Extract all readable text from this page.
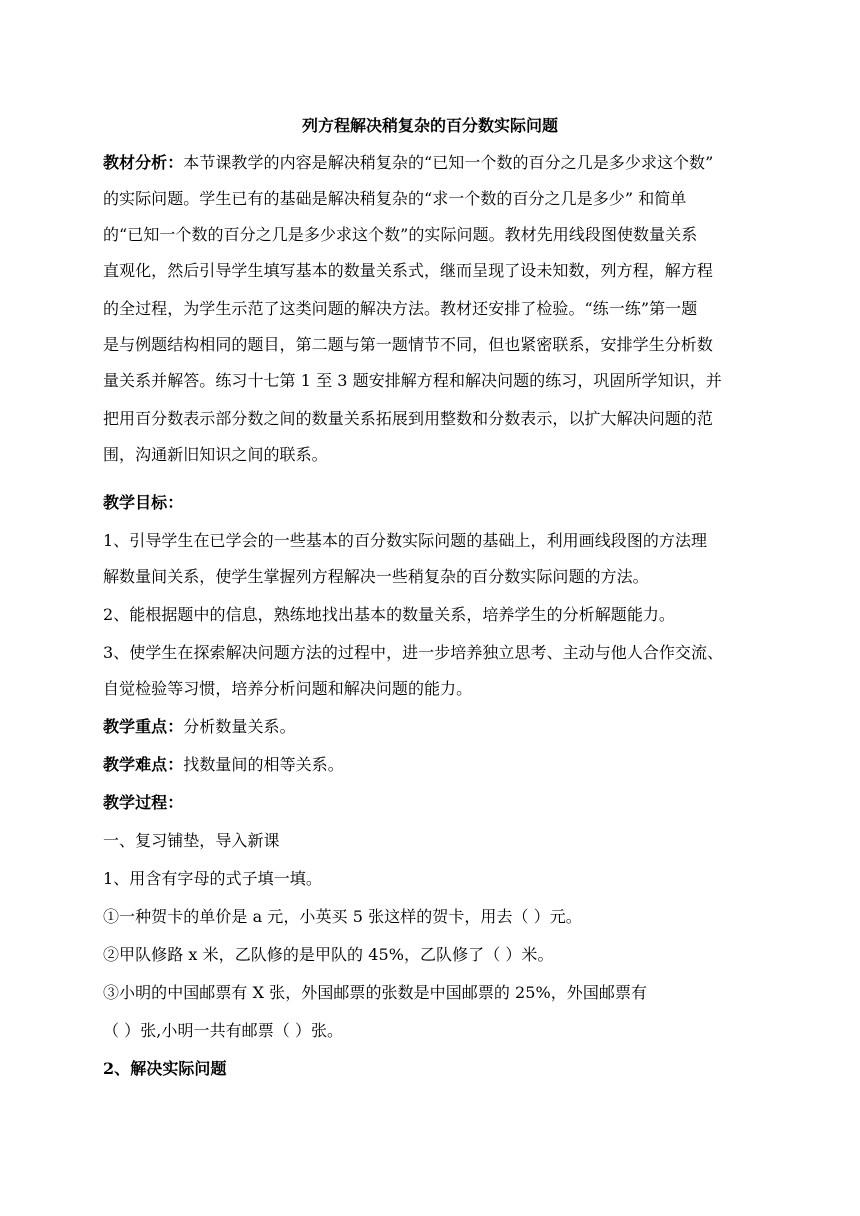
列方程解决稍复杂的百分数实际问题
教材分析：本节课教学的内容是解决稍复杂的“已知一个数的百分之几是多少求这个数”
的实际问题。学生已有的基础是解决稍复杂的“求一个数的百分之几是多少” 和简单
的“已知一个数的百分之几是多少求这个数”的实际问题。教材先用线段图使数量关系
直观化，然后引导学生填写基本的数量关系式，继而呈现了设未知数，列方程，解方程
的全过程，为学生示范了这类问题的解决方法。教材还安排了检验。“练一练”第一题
是与例题结构相同的题目，第二题与第一题情节不同，但也紧密联系，安排学生分析数
量关系并解答。练习十七第 1 至 3 题安排解方程和解决问题的练习，巩固所学知识，并
把用百分数表示部分数之间的数量关系拓展到用整数和分数表示，以扩大解决问题的范
围，沟通新旧知识之间的联系。
教学目标：
1、引导学生在已学会的一些基本的百分数实际问题的基础上，利用画线段图的方法理
解数量间关系，使学生掌握列方程解决一些稍复杂的百分数实际问题的方法。
2、能根据题中的信息，熟练地找出基本的数量关系，培养学生的分析解题能力。
3、使学生在探索解决问题方法的过程中，进一步培养独立思考、主动与他人合作交流、
自觉检验等习惯，培养分析问题和解决问题的能力。
教学重点：分析数量关系。
教学难点：找数量间的相等关系。
教学过程：
一、复习铺垫，导入新课
1、用含有字母的式子填一填。
①一种贺卡的单价是 a 元，小英买 5 张这样的贺卡，用去（ ）元。
②甲队修路 x 米，乙队修的是甲队的 45%，乙队修了（ ）米。
③小明的中国邮票有 X 张，外国邮票的张数是中国邮票的 25%，外国邮票有
（ ）张,小明一共有邮票（ ）张。
2、解决实际问题
